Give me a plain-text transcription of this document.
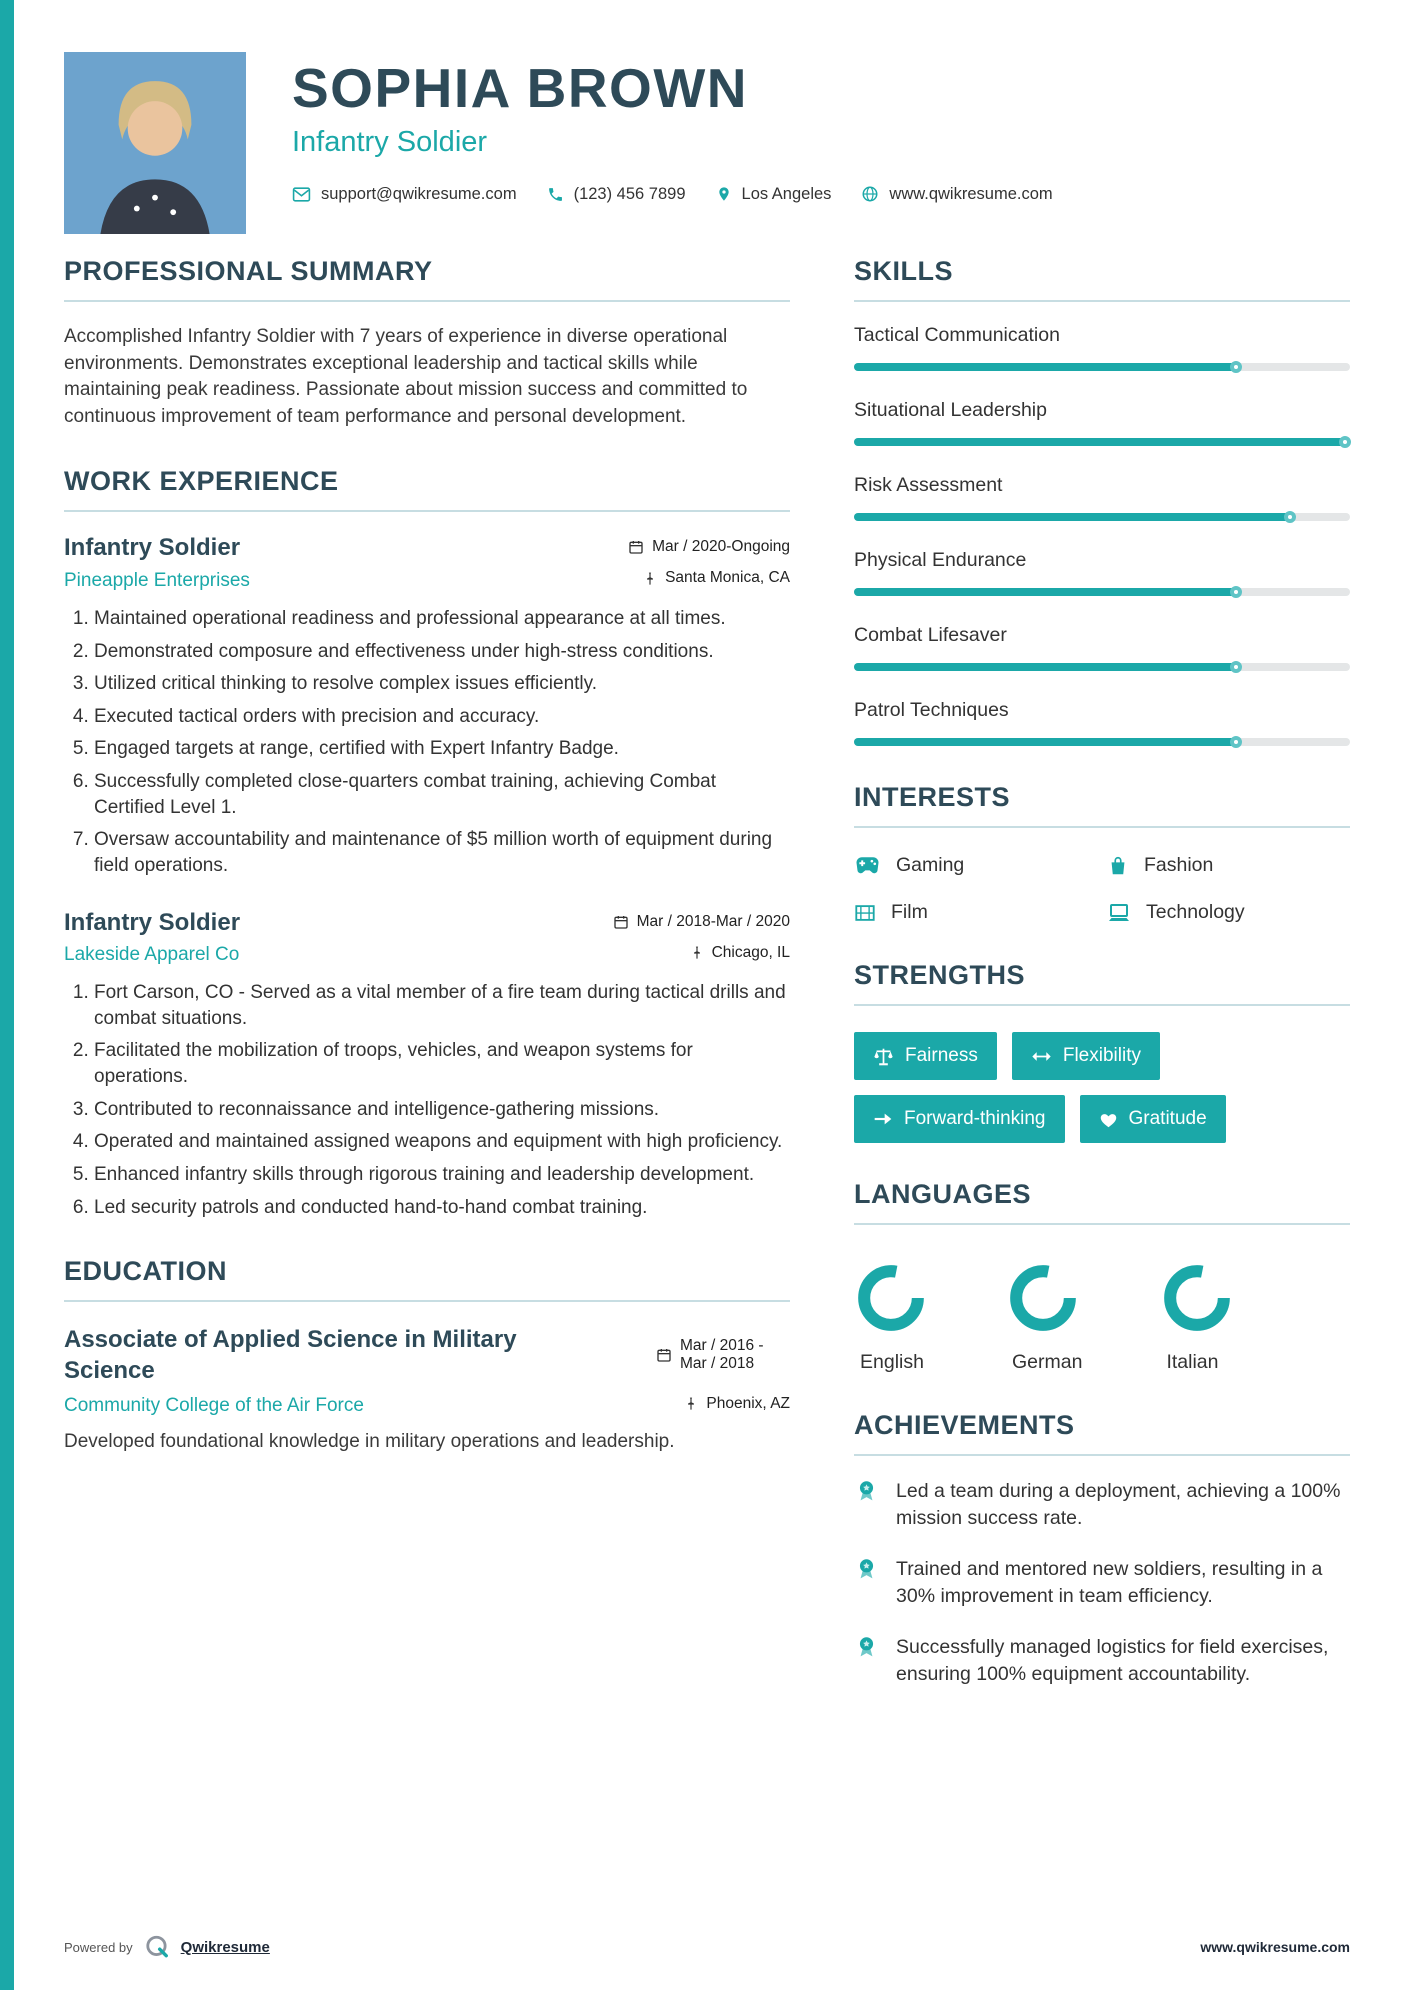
SOPHIA BROWN
Infantry Soldier
support@qwikresume.com	(123) 456 7899	Los Angeles	www.qwikresume.com
PROFESSIONAL SUMMARY

Accomplished Infantry Soldier with 7 years of experience in diverse operational environments. Demonstrates exceptional leadership and tactical skills while maintaining peak readiness. Passionate about mission success and committed to continuous improvement of team performance and personal development.

WORK EXPERIENCE
Infantry Soldier	Mar / 2020-Ongoing
Pineapple Enterprises	Santa Monica, CA
1. Maintained operational readiness and professional appearance at all times.
2. Demonstrated composure and effectiveness under high-stress conditions.
3. Utilized critical thinking to resolve complex issues efficiently.
4. Executed tactical orders with precision and accuracy.
5. Engaged targets at range, certified with Expert Infantry Badge.
6. Successfully completed close-quarters combat training, achieving Combat Certified Level 1.
7. Oversaw accountability and maintenance of $5 million worth of equipment during field operations.
Infantry Soldier	Mar / 2018-Mar / 2020
Lakeside Apparel Co	Chicago, IL
1. Fort Carson, CO - Served as a vital member of a fire team during tactical drills and combat situations.
2. Facilitated the mobilization of troops, vehicles, and weapon systems for operations.
3. Contributed to reconnaissance and intelligence-gathering missions.
4. Operated and maintained assigned weapons and equipment with high proficiency.
5. Enhanced infantry skills through rigorous training and leadership development.
6. Led security patrols and conducted hand-to-hand combat training.
EDUCATION
Associate of Applied Science in Military Science
Mar / 2016 - Mar / 2018
Community College of the Air Force	Phoenix, AZ

Developed foundational knowledge in military operations and leadership.

SKILLS
Tactical Communication
Situational Leadership
Risk Assessment
Physical Endurance
Combat Lifesaver
Patrol Techniques
INTERESTS
Gaming	Fashion
Film	Technology
STRENGTHS
Fairness	Flexibility
Forward-thinking	Gratitude
LANGUAGES
English	German	Italian
ACHIEVEMENTS
Led a team during a deployment, achieving a 100% mission success rate.
Trained and mentored new soldiers, resulting in a 30% improvement in team efficiency.
Successfully managed logistics for field exercises, ensuring 100% equipment accountability.
Powered by	Qwikresume	www.qwikresume.com
